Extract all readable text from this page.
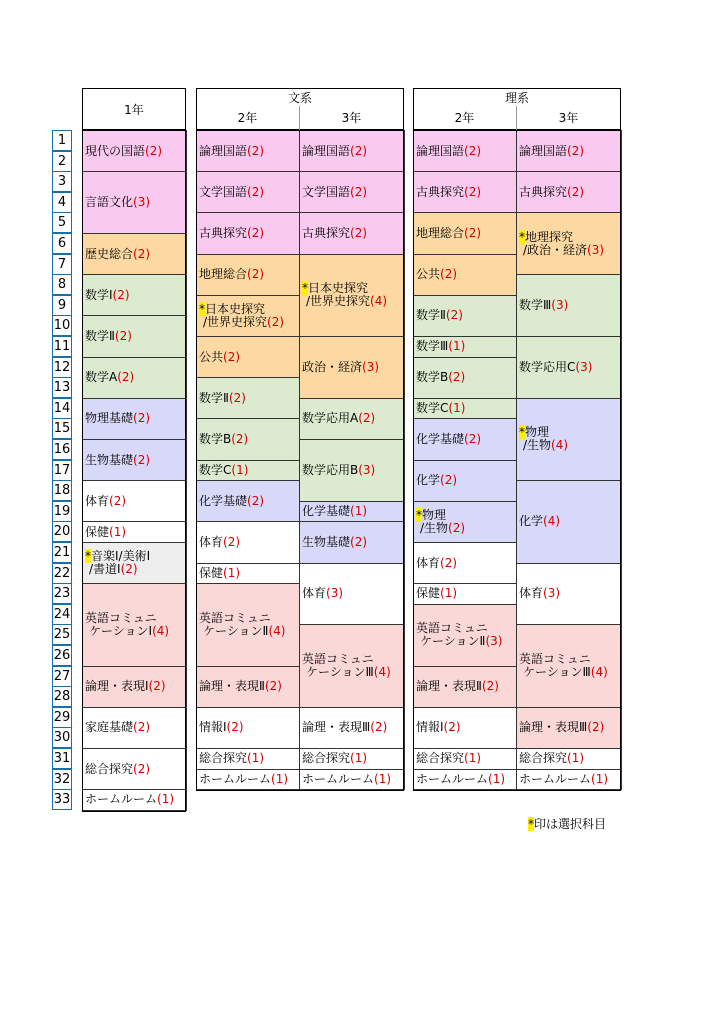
1年
文系
2年	3年
理系
2年	3年
1
2
3
4
5
6
7
8
9
10
11
12
13
14
15
16
17
18
19
20
21
22
23
24
25
26
27
28
29
30
31
32
33
現代の国語(2)
言語文化(3)
歴史総合(2)
数学Ⅰ(2)
数学Ⅱ(2)
数学A(2)
物理基礎(2)
生物基礎(2)
体育(2)
保健(1)
*音楽Ⅰ/美術Ⅰ
/書道Ⅰ(2)
英語コミュニ
ケーションⅠ(4)
論理・表現Ⅰ(2)
家庭基礎(2)
総合探究(2)
ホームルーム(1)
論理国語(2)
文学国語(2)
古典探究(2)
地理総合(2)
*日本史探究
/世界史探究(2)
公共(2)
数学Ⅱ(2)
数学B(2)
数学C(1)
化学基礎(2)
体育(2)
保健(1)
英語コミュニ
ケーションⅡ(4)
論理・表現Ⅱ(2)
情報Ⅰ(2)
総合探究(1)
ホームルーム(1)
論理国語(2)
文学国語(2)
古典探究(2)
*日本史探究
/世界史探究(4)
政治・経済(3)
数学応用A(2)
数学応用B(3)
化学基礎(1)
生物基礎(2)
体育(3)
英語コミュニ
ケーションⅢ(4)
論理・表現Ⅲ(2)
総合探究(1)
ホームルーム(1)
論理国語(2)
古典探究(2)
地理総合(2)
公共(2)
数学Ⅱ(2)
数学Ⅲ(1)
数学B(2)
数学C(1)
化学基礎(2)
化学(2)
*物理
/生物(2)
体育(2)
保健(1)
英語コミュニ
ケーションⅡ(3)
論理・表現Ⅱ(2)
情報Ⅰ(2)
総合探究(1)
ホームルーム(1)
論理国語(2)
古典探究(2)
*地理探究
/政治・経済(3)
数学Ⅲ(3)
数学応用C(3)
*物理
/生物(4)
化学(4)
体育(3)
英語コミュニ
ケーションⅢ(4)
論理・表現Ⅲ(2)
総合探究(1)
ホームルーム(1)
*印は選択科目
